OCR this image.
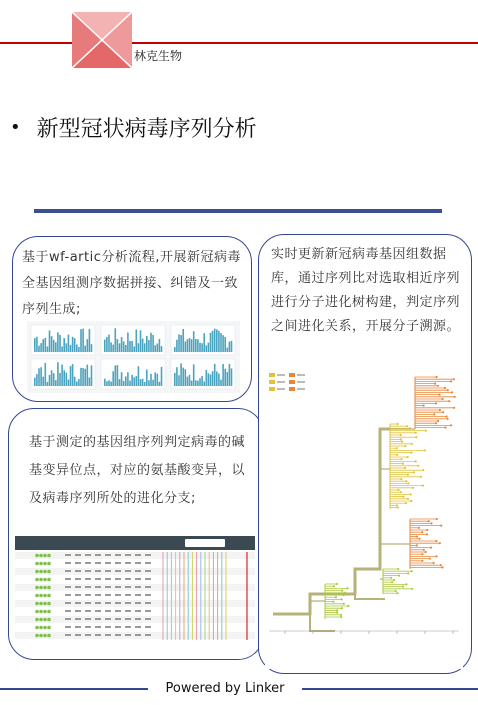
林克生物
• 新型冠状病毒序列分析
基于wf-artic分析流程,开展新冠病毒全基因组测序数据拼接、纠错及一致序列生成;
基于测定的基因组序列判定病毒的碱基变异位点，对应的氨基酸变异，以及病毒序列所处的进化分支;
实时更新新冠病毒基因组数据库，通过序列比对选取相近序列进行分子进化树构建，判定序列之间进化关系，开展分子溯源。
Powered by Linker
